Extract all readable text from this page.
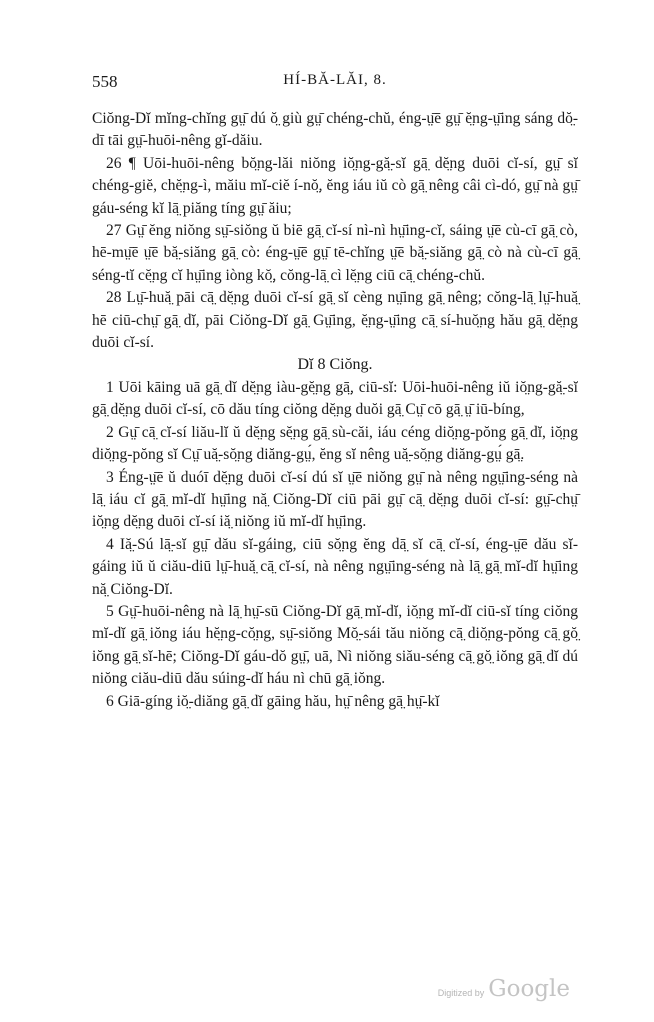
558	HÍ-BĂ-LĂI, 8.

Ciŏng-Dĭ mĭng-chĭng gṳ̄ dú ŏ̤ giù gṳ̄ chéng-chŭ, éng-ṳ̄ē gṳ̄ ĕ̤ng-ṳ̄ing sáng dŏ̤-dī tāi gṳ̄-huōi-nêng gĭ-dăiu.

26 ¶ Uōi-huōi-nêng bŏ̤ng-lăi niŏng iŏ̤ng-gă̤-sĭ gā̤ dĕ̤ng duōi cĭ-sí, gṳ̄ sĭ chéng-giĕ, chĕ̤ng-ì, măiu mĭ-ciĕ í-nŏ̤, ĕng iáu iŭ cò gā̤ nêng câi cì-dó, gṳ̄ nà gṳ̄ gáu-séng kĭ lā̤ piăng tíng gṳ̄ ăiu;

27 Gṳ̄ ĕng niŏng sṳ̄-siŏng ŭ biē gā̤ cĭ-sí nì-nì hṳ̄ing-cĭ, sáing ṳ̄ē cù-cī gā̤ cò, hē-mṳ̄ē ṳ̄ē bă̤-siăng gā̤ cò: éng-ṳ̄ē gṳ̄ tē-chĭng ṳ̄ē bă̤-siăng gā̤ cò nà cù-cī gā̤ séng-tĭ cĕ̤ng cĭ hṳ̄ing iòng kŏ̤, cŏng-lā̤ cì lĕ̤ng ciū cā̤ chéng-chŭ.

28 Lṳ̄-huă̤ pāi cā̤ dĕ̤ng duōi cĭ-sí gā̤ sĭ cèng nṳ̄ing gā̤ nêng; cŏng-lā̤ lṳ̄-huă̤ hē ciū-chṳ̄ gā̤ dĭ, pāi Ciŏng-Dĭ gā̤ Gṳ̄ing, ĕ̤ng-ṳ̄ing cā̤ sí-huŏ̤ng hău gā̤ dĕ̤ng duōi cĭ-sí.

Dĭ 8 Ciŏng.

1 Uōi kāing uā gā̤ dĭ dĕ̤ng iàu-gĕ̤ng gā̤, ciū-sĭ: Uōi-huōi-nêng iŭ iŏ̤ng-gă̤-sĭ gā̤ dĕ̤ng duōi cĭ-sí, cō dău tíng ciŏng dĕ̤ng duŏi gā̤ Cṳ̄ cō gā̤ ṳ̄ iū-bíng,

2 Gṳ̄ cā̤ cĭ-sí liău-lĭ ŭ dĕ̤ng sĕ̤ng gā̤ sù-căi, iáu céng diŏ̤ng-pŏng gā̤ dĭ, iŏ̤ng diŏ̤ng-pŏng sĭ Cṳ̄ uă̤-sŏ̤ng diăng-gṳ́, ĕng sĭ nêng uă̤-sŏ̤ng diăng-gṳ́ gā̤.

3 Éng-ṳ̄ē ŭ duóī dĕ̤ng duōi cĭ-sí dú sĭ ṳ̄ē niŏng gṳ̄ nà nêng ngṳ̄ing-séng nà lā̤ iáu cĭ gā̤ mĭ-dĭ hṳ̄ing nă̤ Ciŏng-Dĭ ciū pāi gṳ̄ cā̤ dĕ̤ng duōi cĭ-sí: gṳ̄-chṳ̄ iŏ̤ng dĕ̤ng duōi cĭ-sí iă̤ niŏng iŭ mĭ-dĭ hṳ̄ing.

4 Iă̤-Sú lā̤-sĭ gṳ̄ dău sĭ-gáing, ciū sŏ̤ng ĕng dā̤ sĭ cā̤ cĭ-sí, éng-ṳ̄ē dău sĭ-gáing iŭ ŭ ciău-diū lṳ̄-huă̤ cā̤ cĭ-sí, nà nêng ngṳ̄ing-séng nà lā̤ gā̤ mĭ-dĭ hṳ̄ing nă̤ Ciŏng-Dĭ.

5 Gṳ̄-huōi-nêng nà lā̤ hṳ̄-sū Ciŏng-Dĭ gā̤ mĭ-dĭ, iŏ̤ng mĭ-dĭ ciū-sĭ tíng ciŏng mĭ-dĭ gā̤ iŏng iáu hĕ̤ng-cŏ̤ng, sṳ̄-siŏng Mŏ̤-sái tău niŏng cā̤ diŏ̤ng-pŏng cā̤ gŏ̤ iŏng gā̤ sĭ-hē; Ciŏng-Dĭ gáu-dŏ gṳ̄, uā, Nì niŏng siău-séng cā̤ gŏ̤ iŏng gā̤ dĭ dú niŏng ciău-diū dău súing-dĭ háu nì chū gā̤ iŏng.

6 Giā-gíng iŏ̤-diăng gā̤ dĭ gāing hău, hṳ̄ nêng gā̤ hṳ̄-kĭ

Digitized by Google
